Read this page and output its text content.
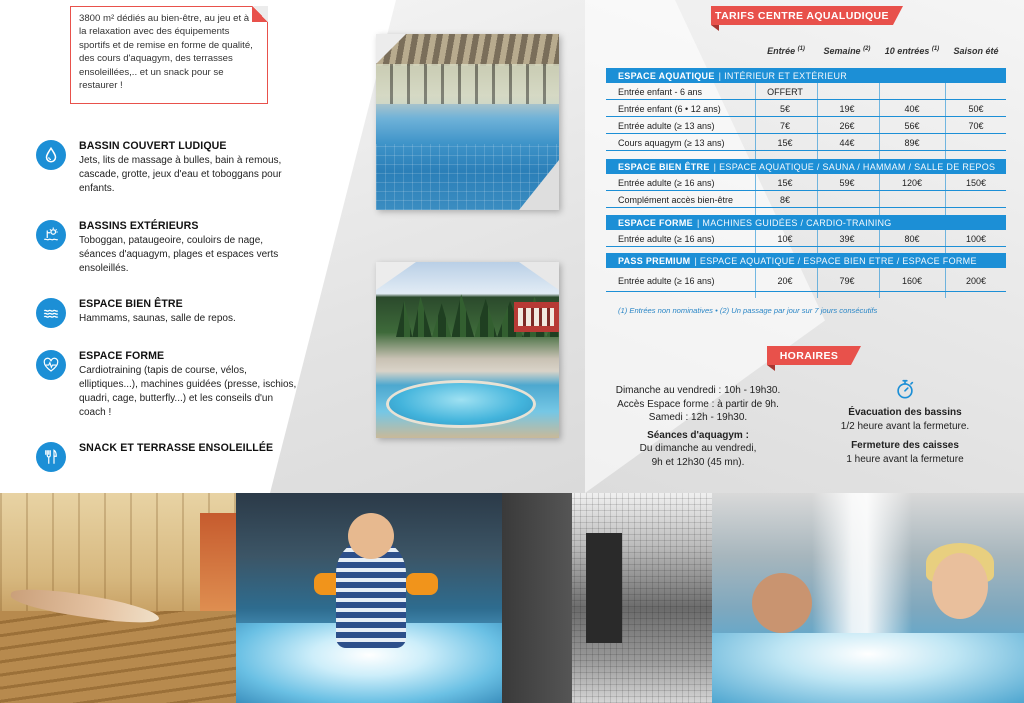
3800 m² dédiés au bien-être, au jeu et à la relaxation avec des équipements sportifs et de remise en forme de qualité, des cours d'aquagym, des terrasses ensoleillées,.. et un snack pour se restaurer !

BASSIN COUVERT LUDIQUE
Jets, lits de massage à bulles, bain à remous, cascade, grotte, jeux d'eau et toboggans pour enfants.
BASSINS EXTÉRIEURS
Toboggan, pataugeoire, couloirs de nage, séances d'aquagym, plages et espaces verts ensoleillés.
ESPACE BIEN ÊTRE
Hammams, saunas, salle de repos.
ESPACE FORME
Cardiotraining (tapis de course, vélos, elliptiques...), machines guidées (presse, ischios, quadri, cage, butterfly...) et les conseils d'un coach !
SNACK ET TERRASSE ENSOLEILLÉE
TARIFS CENTRE AQUALUDIQUE
Entrée $^{(1)}$	Semaine $^{(2)}$	10 entrées $^{(1)}$	Saison été
ESPACE AQUATIQUE | INTÉRIEUR ET EXTÉRIEUR
Entrée enfant - 6 ans	OFFERT
Entrée enfant (6 • 12 ans)	5€	19€	40€	50€
Entrée adulte (≥ 13 ans)	7€	26€	56€	70€
Cours aquagym (≥ 13 ans)	15€	44€	89€
ESPACE BIEN ÊTRE | ESPACE AQUATIQUE / SAUNA / HAMMAM / SALLE DE REPOS
Entrée adulte (≥ 16 ans)	15€	59€	120€	150€
Complément accès bien-être	8€
ESPACE FORME | MACHINES GUIDÉES / CARDIO-TRAINING
Entrée adulte (≥ 16 ans)	10€	39€	80€	100€
PASS PREMIUM | ESPACE AQUATIQUE / ESPACE BIEN ETRE / ESPACE FORME
Entrée adulte (≥ 16 ans)	20€	79€	160€	200€
(1) Entrées non nominatives • (2) Un passage par jour sur 7 jours consécutifs
HORAIRES
Dimanche au vendredi : 10h - 19h30.
Accès Espace forme : à partir de 9h.
Samedi : 12h - 19h30.
Séances d'aquagym :
Du dimanche au vendredi,
9h et 12h30 (45 mn).
Évacuation des bassins
1/2 heure avant la fermeture.
Fermeture des caisses
1 heure avant la fermeture
